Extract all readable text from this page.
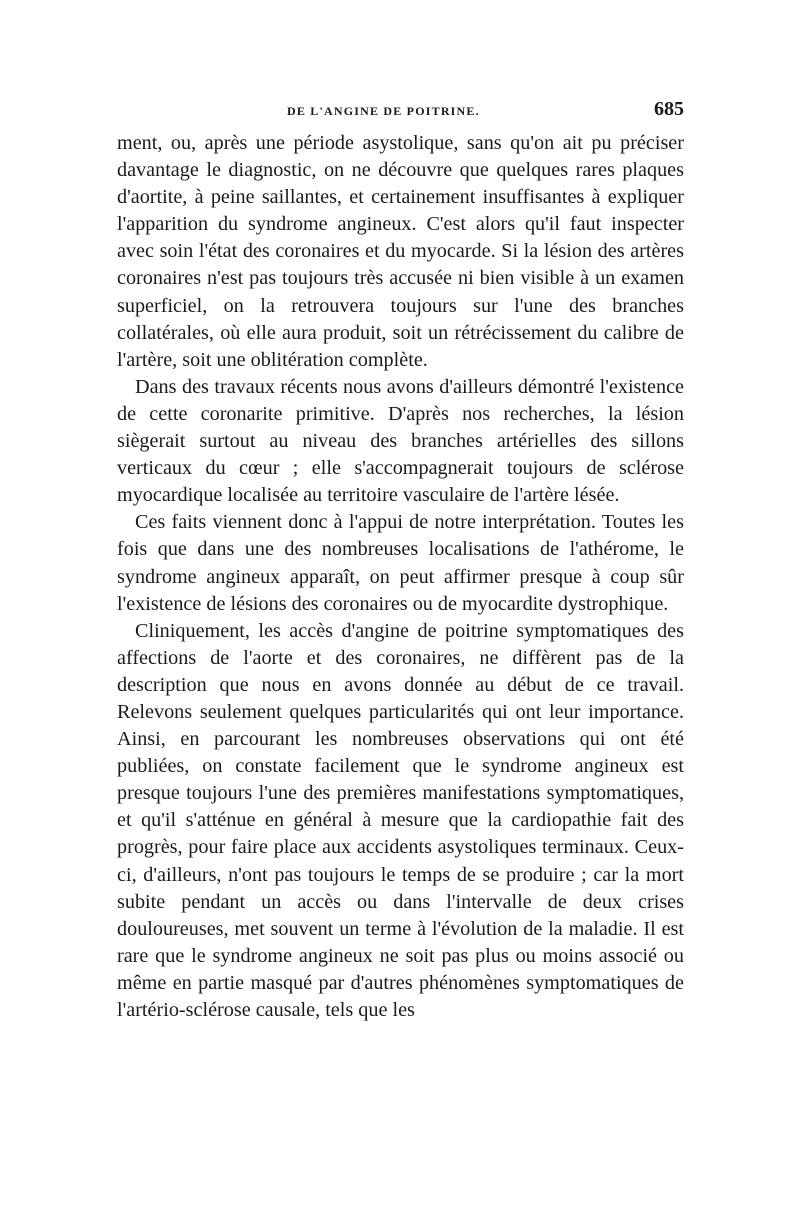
DE L'ANGINE DE POITRINE.	685

ment, ou, après une période asystolique, sans qu'on ait pu préciser davantage le diagnostic, on ne découvre que quelques rares plaques d'aortite, à peine saillantes, et certainement insuffisantes à expliquer l'apparition du syndrome angineux. C'est alors qu'il faut inspecter avec soin l'état des coronaires et du myocarde. Si la lésion des artères coronaires n'est pas toujours très accusée ni bien visible à un examen superficiel, on la retrouvera toujours sur l'une des branches collatérales, où elle aura produit, soit un rétrécissement du calibre de l'artère, soit une oblitération complète.

Dans des travaux récents nous avons d'ailleurs démontré l'existence de cette coronarite primitive. D'après nos recherches, la lésion siègerait surtout au niveau des branches artérielles des sillons verticaux du cœur ; elle s'accompagnerait toujours de sclérose myocardique localisée au territoire vasculaire de l'artère lésée.

Ces faits viennent donc à l'appui de notre interprétation. Toutes les fois que dans une des nombreuses localisations de l'athérome, le syndrome angineux apparaît, on peut affirmer presque à coup sûr l'existence de lésions des coronaires ou de myocardite dystrophique.

Cliniquement, les accès d'angine de poitrine symptomatiques des affections de l'aorte et des coronaires, ne diffèrent pas de la description que nous en avons donnée au début de ce travail. Relevons seulement quelques particularités qui ont leur importance. Ainsi, en parcourant les nombreuses observations qui ont été publiées, on constate facilement que le syndrome angineux est presque toujours l'une des premières manifestations symptomatiques, et qu'il s'atténue en général à mesure que la cardiopathie fait des progrès, pour faire place aux accidents asystoliques terminaux. Ceux-ci, d'ailleurs, n'ont pas toujours le temps de se produire ; car la mort subite pendant un accès ou dans l'intervalle de deux crises douloureuses, met souvent un terme à l'évolution de la maladie. Il est rare que le syndrome angineux ne soit pas plus ou moins associé ou même en partie masqué par d'autres phénomènes symptomatiques de l'artério-sclérose causale, tels que les
